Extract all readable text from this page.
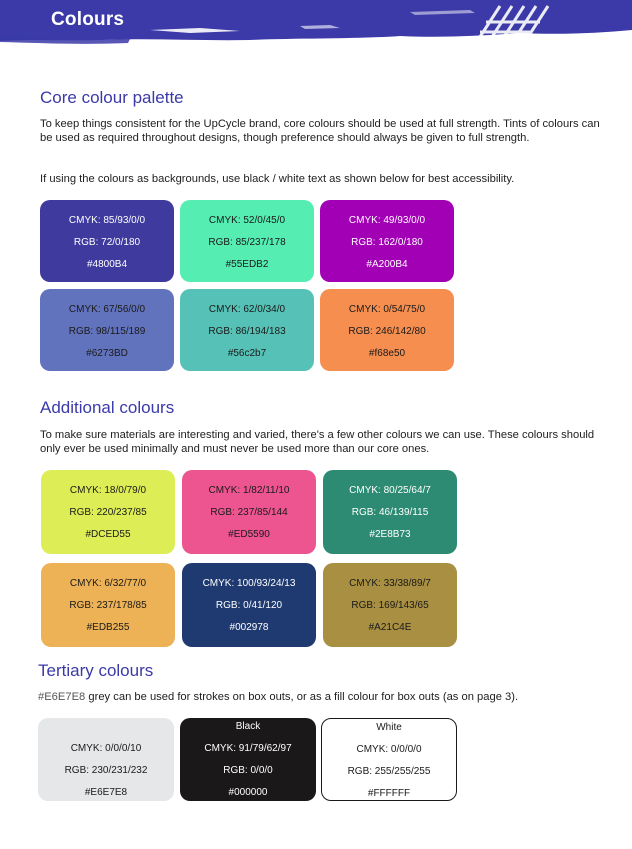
Colours
Core colour palette

To keep things consistent for the UpCycle brand, core colours should be used at full strength. Tints of colours can be used as required throughout designs, though preference should always be given to full strength.

If using the colours as backgrounds, use black / white text as shown below for best accessibility.

CMYK: 85/93/0/0
RGB: 72/0/180
#4800B4
CMYK: 52/0/45/0
RGB: 85/237/178
#55EDB2
CMYK: 49/93/0/0
RGB: 162/0/180
#A200B4
CMYK: 67/56/0/0
RGB: 98/115/189
#6273BD
CMYK: 62/0/34/0
RGB: 86/194/183
#56c2b7
CMYK: 0/54/75/0
RGB: 246/142/80
#f68e50
Additional colours

To make sure materials are interesting and varied, there's a few other colours we can use. These colours should only ever be used minimally and must never be used more than our core ones.

CMYK: 18/0/79/0
RGB: 220/237/85
#DCED55
CMYK: 1/82/11/10
RGB: 237/85/144
#ED5590
CMYK: 80/25/64/7
RGB: 46/139/115
#2E8B73
CMYK: 6/32/77/0
RGB: 237/178/85
#EDB255
CMYK: 100/93/24/13
RGB: 0/41/120
#002978
CMYK: 33/38/89/7
RGB: 169/143/65
#A21C4E
Tertiary colours

#E6E7E8 grey can be used for strokes on box outs, or as a fill colour for box outs (as on page 3).

CMYK: 0/0/0/10
RGB: 230/231/232
#E6E7E8
Black
CMYK: 91/79/62/97
RGB: 0/0/0
#000000
White
CMYK: 0/0/0/0
RGB: 255/255/255
#FFFFFF
